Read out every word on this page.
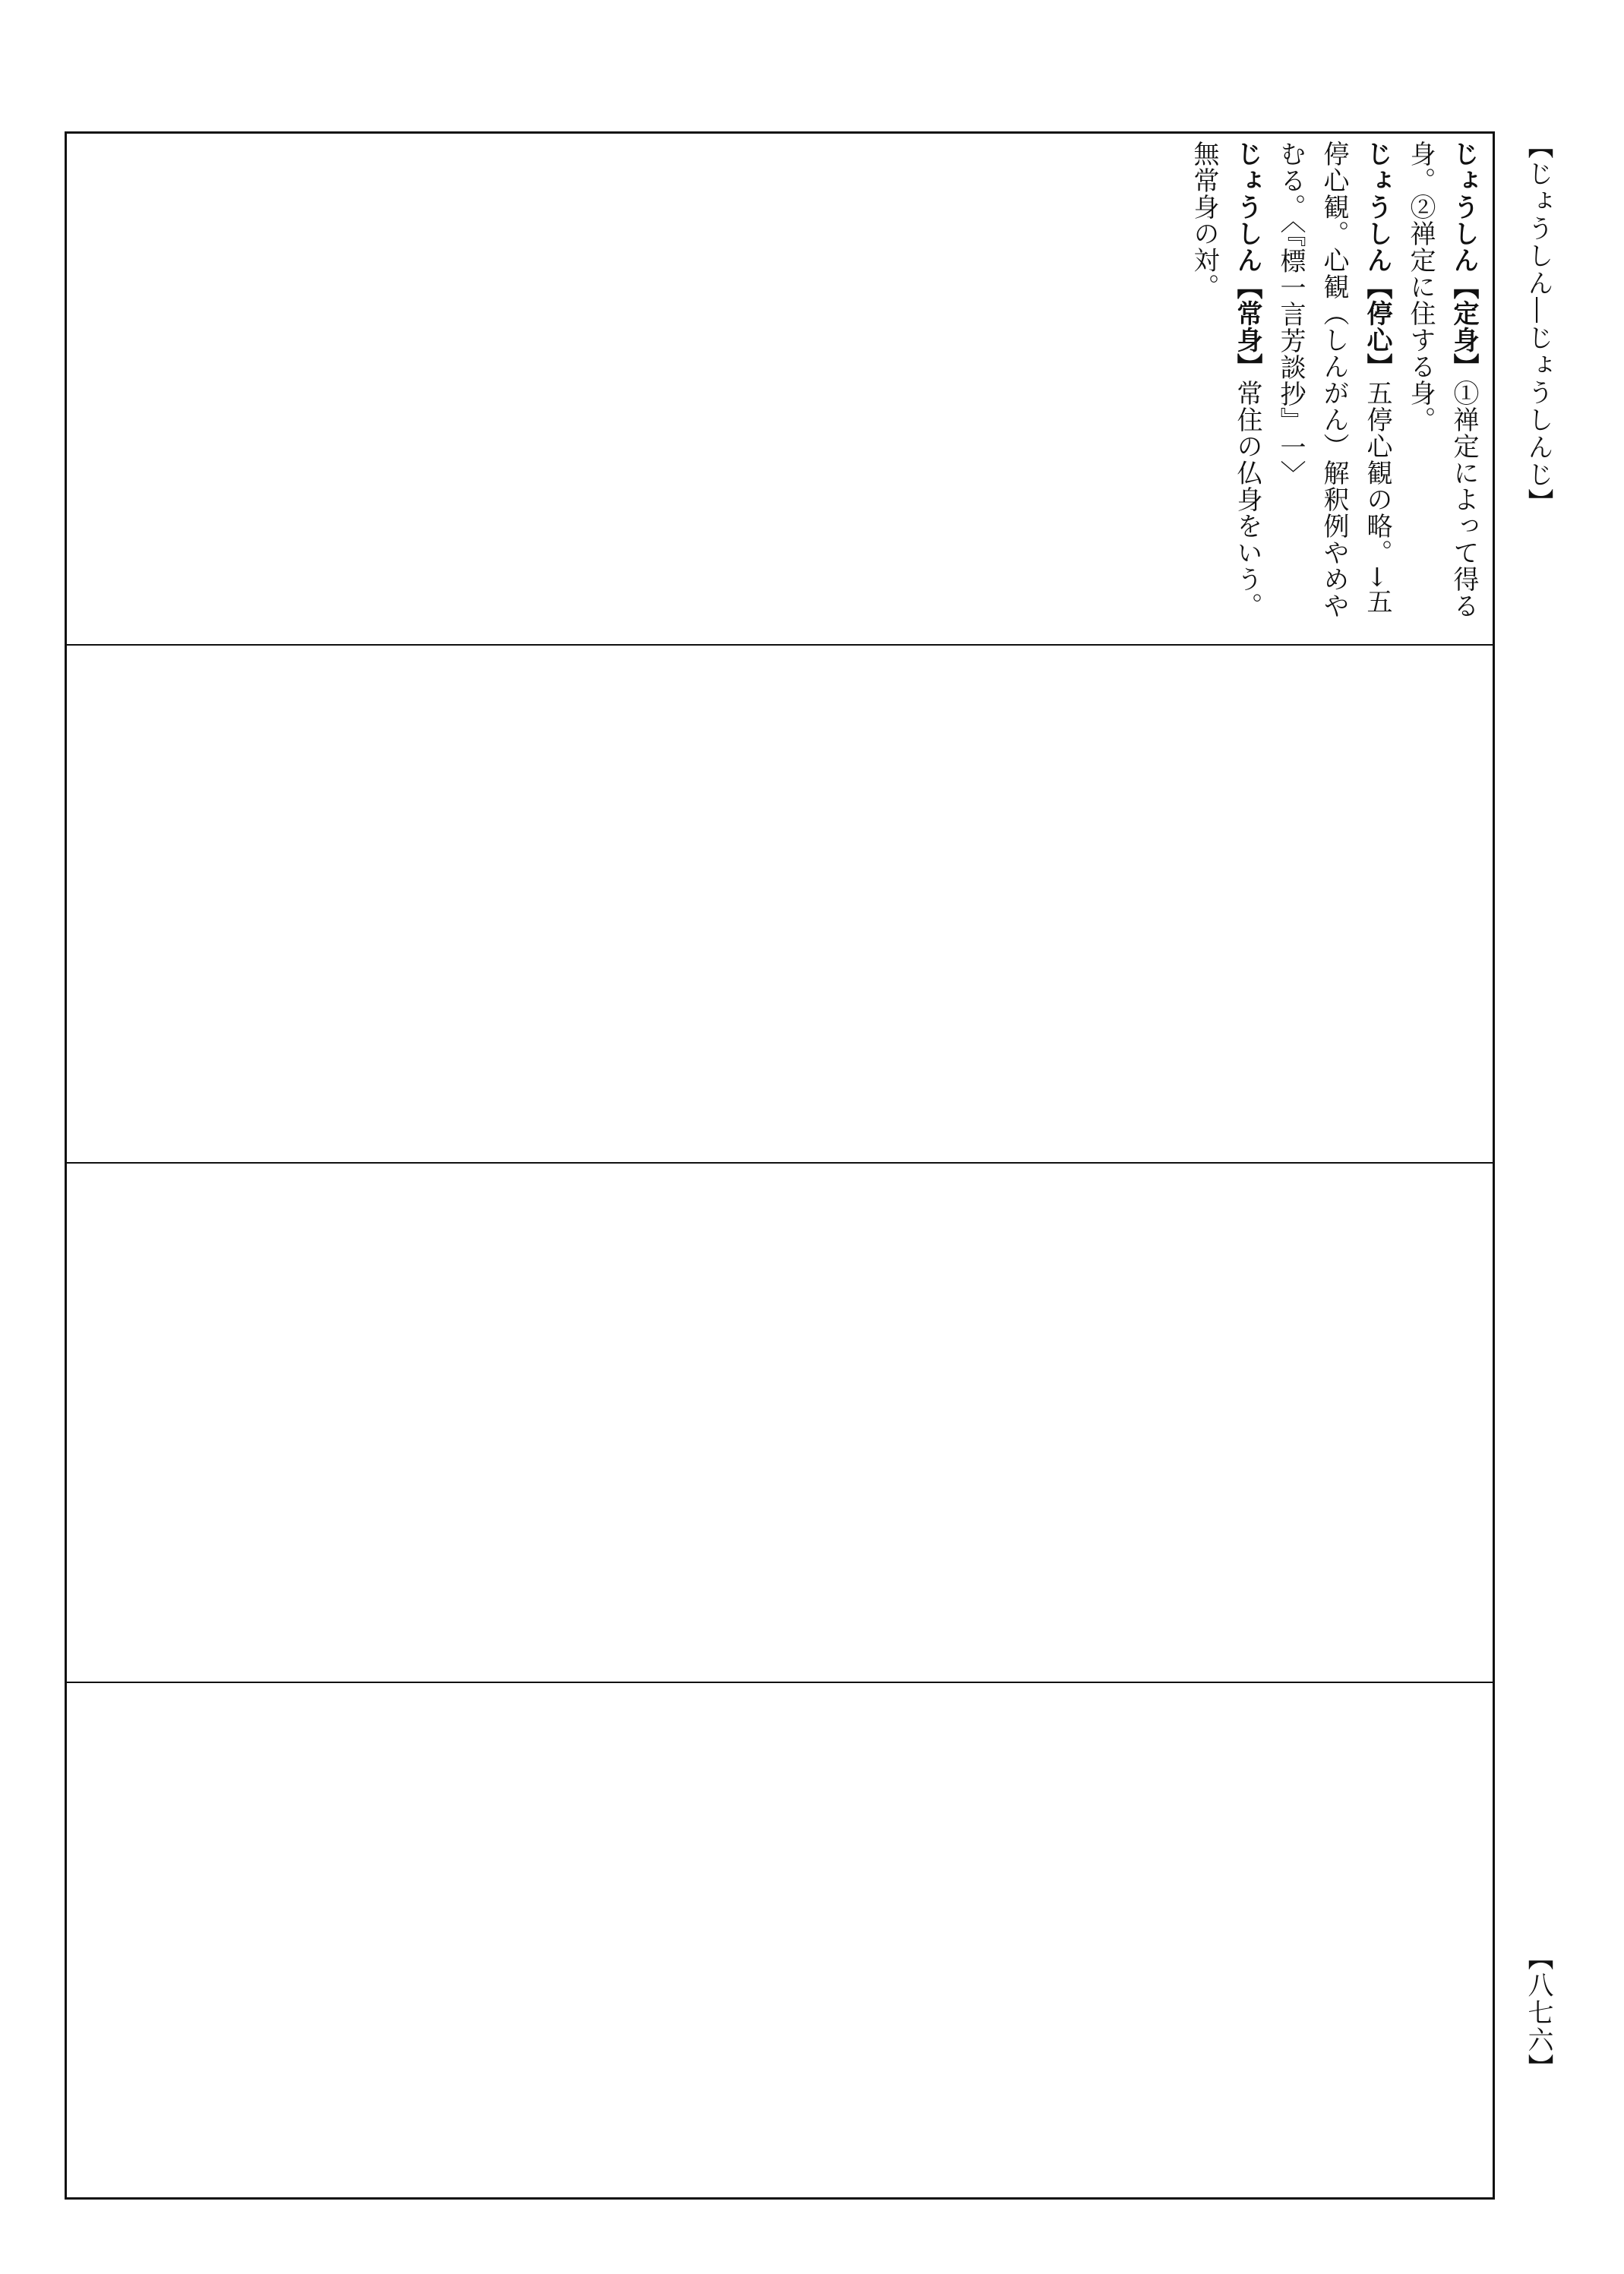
【じょうしん―じょうしんじ】
【八七六】

じょうしん【定身】①禅定によって得る身。②禅定に住する身。

じょうしん【停心】五停心観の略。→五停心観。心観（しんがん）解釈例やめやむる。〈『標一言芳談抄』一〉

じょうしん【常身】常住の仏身をいう。無常身の対。
